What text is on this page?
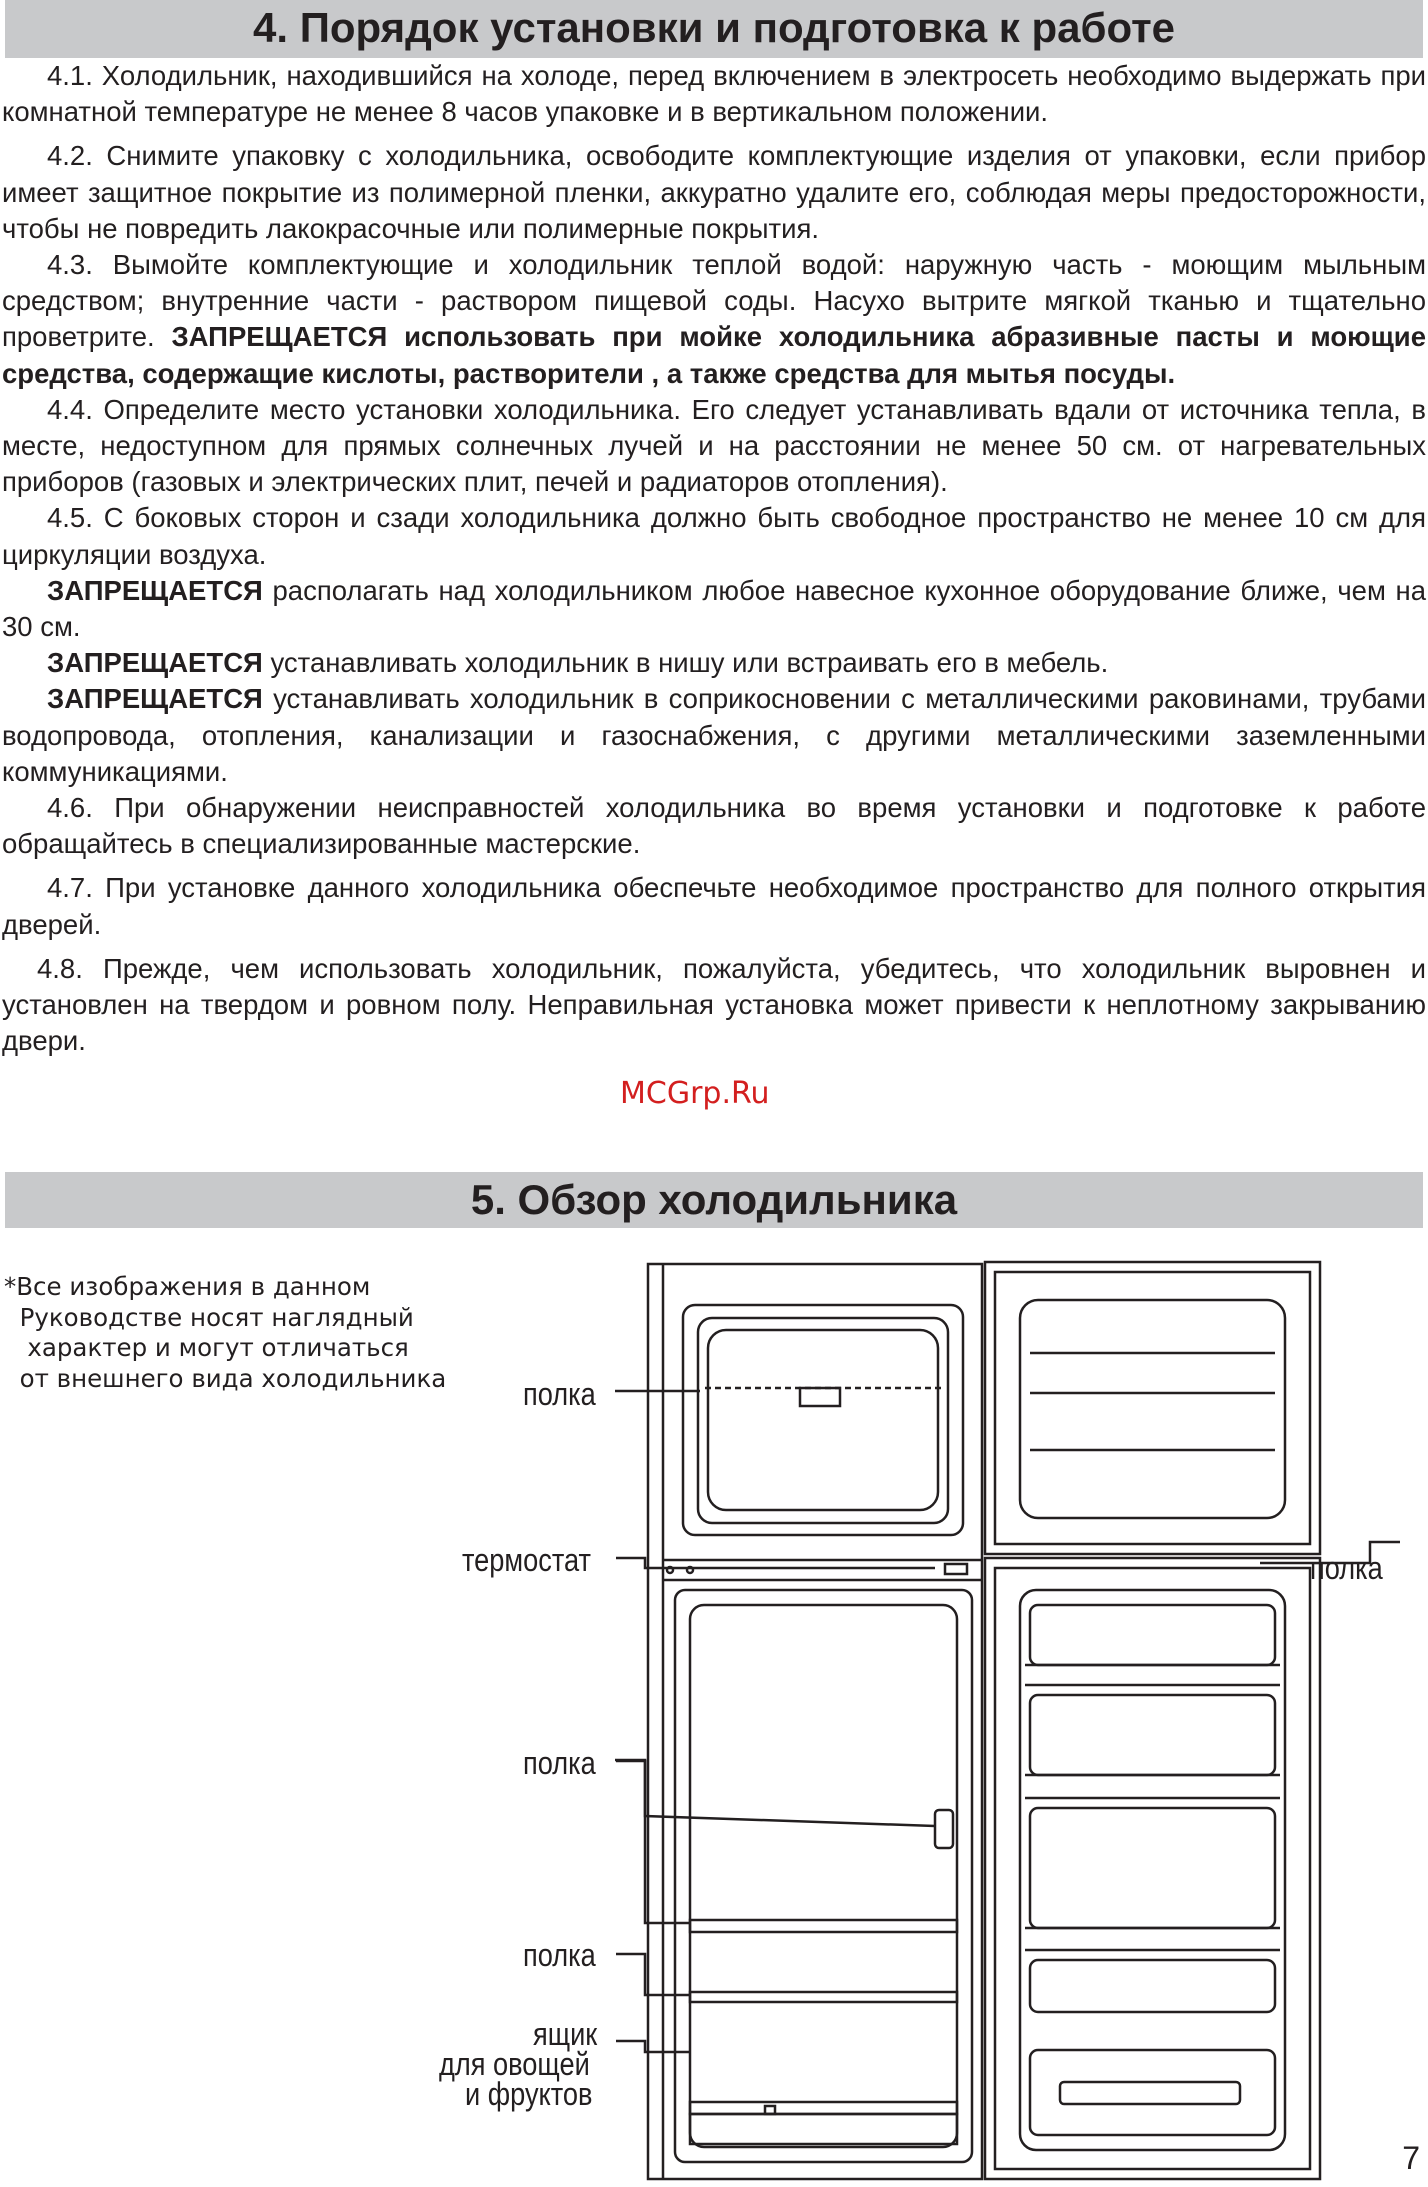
4. Порядок установки и подготовка к работе

4.1. Холодильник, находившийся на холоде, перед включением в электросеть необходимо выдержать при комнатной температуре не менее 8 часов упаковке и в вертикальном положении.

4.2. Снимите упаковку с холодильника, освободите комплектующие изделия от упаковки, если прибор имеет защитное покрытие из полимерной пленки, аккуратно удалите его, соблюдая меры предосторожности, чтобы не повредить лакокрасочные или полимерные покрытия.

4.3. Вымойте комплектующие и холодильник теплой водой: наружную часть - моющим мыльным средством; внутренние части - раствором пищевой соды. Насухо вытрите мягкой тканью и тщательно проветрите. ЗАПРЕЩАЕТСЯ использовать при мойке холодильника абразивные пасты и моющие средства, содержащие кислоты, растворители , а также средства для мытья посуды.

4.4. Определите место установки холодильника. Его следует устанавливать вдали от источника тепла, в месте, недоступном для прямых солнечных лучей и на расстоянии не менее 50 см. от нагревательных приборов (газовых и электрических плит, печей и радиаторов отопления).

4.5. С боковых сторон и сзади холодильника должно быть свободное пространство не менее 10 см для циркуляции воздуха.

ЗАПРЕЩАЕТСЯ располагать над холодильником любое навесное кухонное оборудование ближе, чем на 30 см.

ЗАПРЕЩАЕТСЯ устанавливать холодильник в нишу или встраивать его в мебель.

ЗАПРЕЩАЕТСЯ устанавливать холодильник в соприкосновении с металлическими раковинами, трубами водопровода, отопления, канализации и газоснабжения, с другими металлическими заземленными коммуникациями.

4.6. При обнаружении неисправностей холодильника во время установки и подготовке к работе обращайтесь в специализированные мастерские.

4.7. При установке данного холодильника обеспечьте необходимое пространство для полного открытия дверей.

4.8. Прежде, чем использовать холодильник, пожалуйста, убедитесь, что холодильник выровнен и установлен на твердом и ровном полу. Неправильная установка может привести к неплотному закрыванию двери.

MCGrp.Ru
5. Обзор холодильника
*Все изображения в данном
Руководстве носят наглядный
характер и могут отличаться
от внешнего вида холодильника полка
термостат	полка
полка
полка
ящик
для овощей
и фруктов
7
